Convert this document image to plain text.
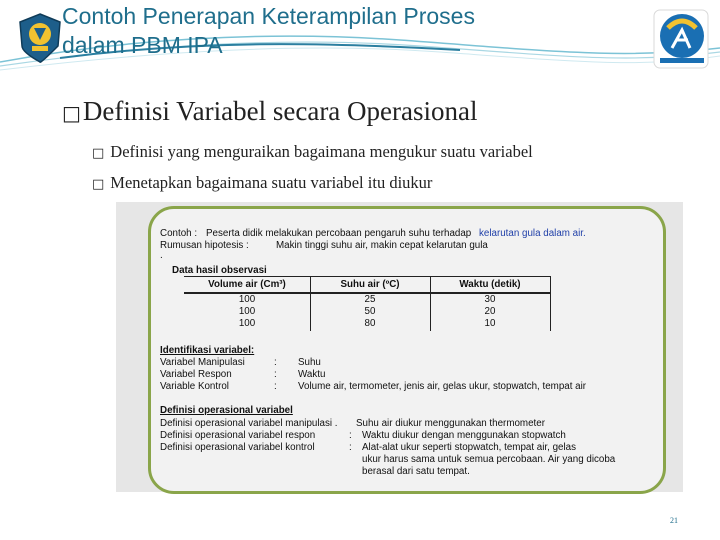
Contoh Penerapan Keterampilan Proses
dalam PBM IPA
□Definisi Variabel secara Operasional
□ Definisi yang menguraikan bagaimana mengukur suatu variabel
□ Menetapkan bagaimana suatu variabel itu diukur
Contoh : Peserta didik melakukan percobaan pengaruh suhu terhadap kelarutan gula dalam air.
Rumusan hipotesis :	Makin tinggi suhu air, makin cepat kelarutan gula
.
Data hasil observasi
Volume air (Cm³)	Suhu air (ºC)	Waktu (detik)
100	25	30
100	50	20
100	80	10
Identifikasi variabel:
Variabel Manipulasi	: Suhu
Variabel Respon	: Waktu
Variable Kontrol	: Volume air, termometer, jenis air, gelas ukur, stopwatch, tempat air
Definisi operasional variabel
Definisi operasional variabel manipulasi . Suhu air diukur menggunakan thermometer
Definisi operasional variabel respon	: Waktu diukur dengan menggunakan stopwatch
Definisi operasional variabel kontrol	: Alat-alat ukur seperti stopwatch, tempat air, gelas
ukur harus sama untuk semua percobaan. Air yang dicoba
berasal dari satu tempat.
21
